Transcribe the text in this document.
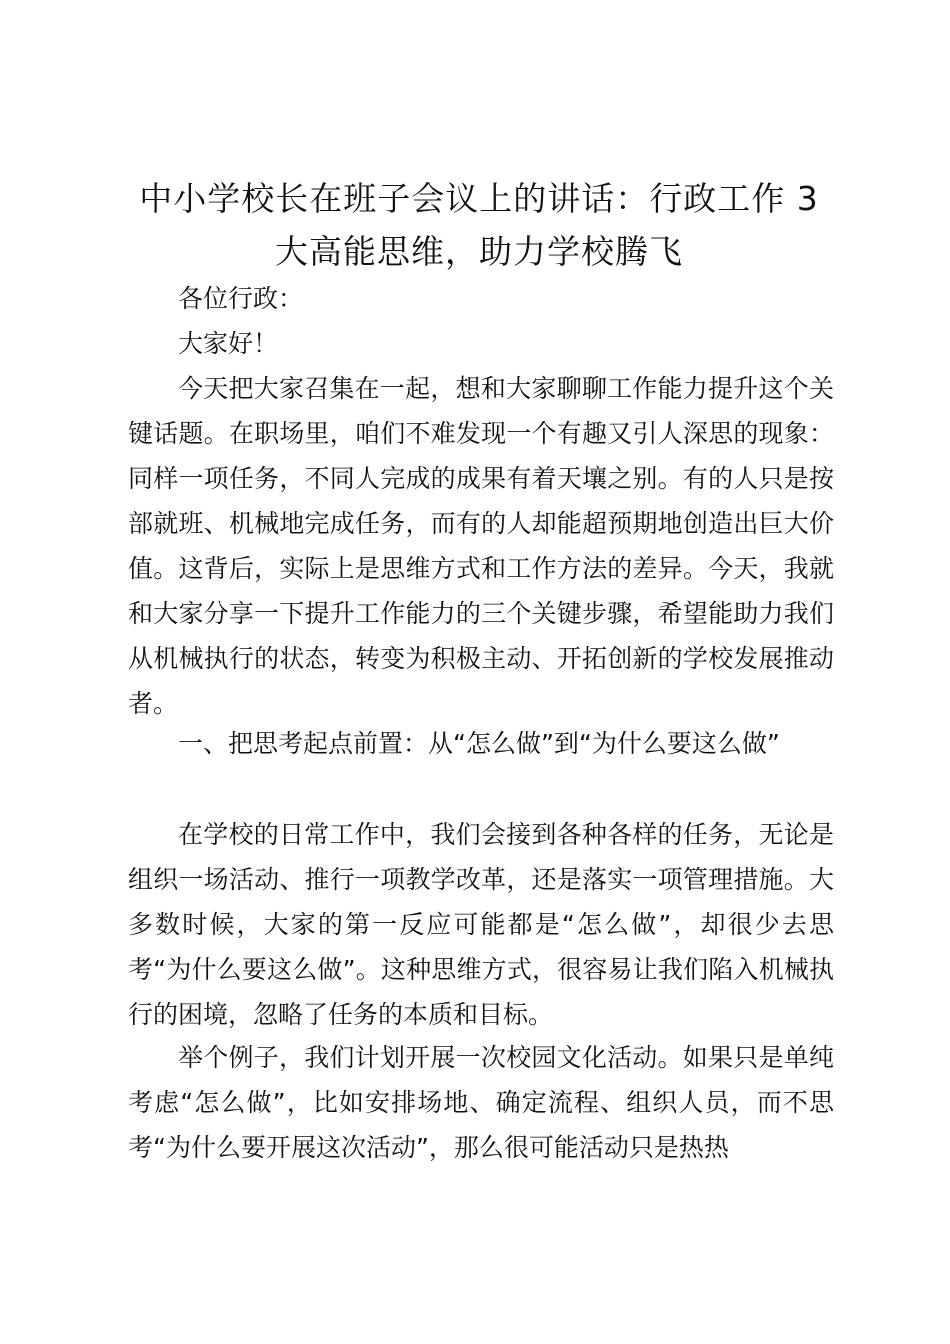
中小学校长在班子会议上的讲话：行政工作 3 大高能思维，助力学校腾飞

各位行政：

大家好！

今天把大家召集在一起，想和大家聊聊工作能力提升这个关键话题。在职场里，咱们不难发现一个有趣又引人深思的现象：同样一项任务，不同人完成的成果有着天壤之别。有的人只是按部就班、机械地完成任务，而有的人却能超预期地创造出巨大价值。这背后，实际上是思维方式和工作方法的差异。今天，我就和大家分享一下提升工作能力的三个关键步骤，希望能助力我们从机械执行的状态，转变为积极主动、开拓创新的学校发展推动者。

一、把思考起点前置：从“怎么做”到“为什么要这么做”

在学校的日常工作中，我们会接到各种各样的任务，无论是组织一场活动、推行一项教学改革，还是落实一项管理措施。大多数时候，大家的第一反应可能都是“怎么做”，却很少去思考“为什么要这么做”。这种思维方式，很容易让我们陷入机械执行的困境，忽略了任务的本质和目标。

举个例子，我们计划开展一次校园文化活动。如果只是单纯考虑“怎么做”，比如安排场地、确定流程、组织人员，而不思考“为什么要开展这次活动”，那么很可能活动只是热热
